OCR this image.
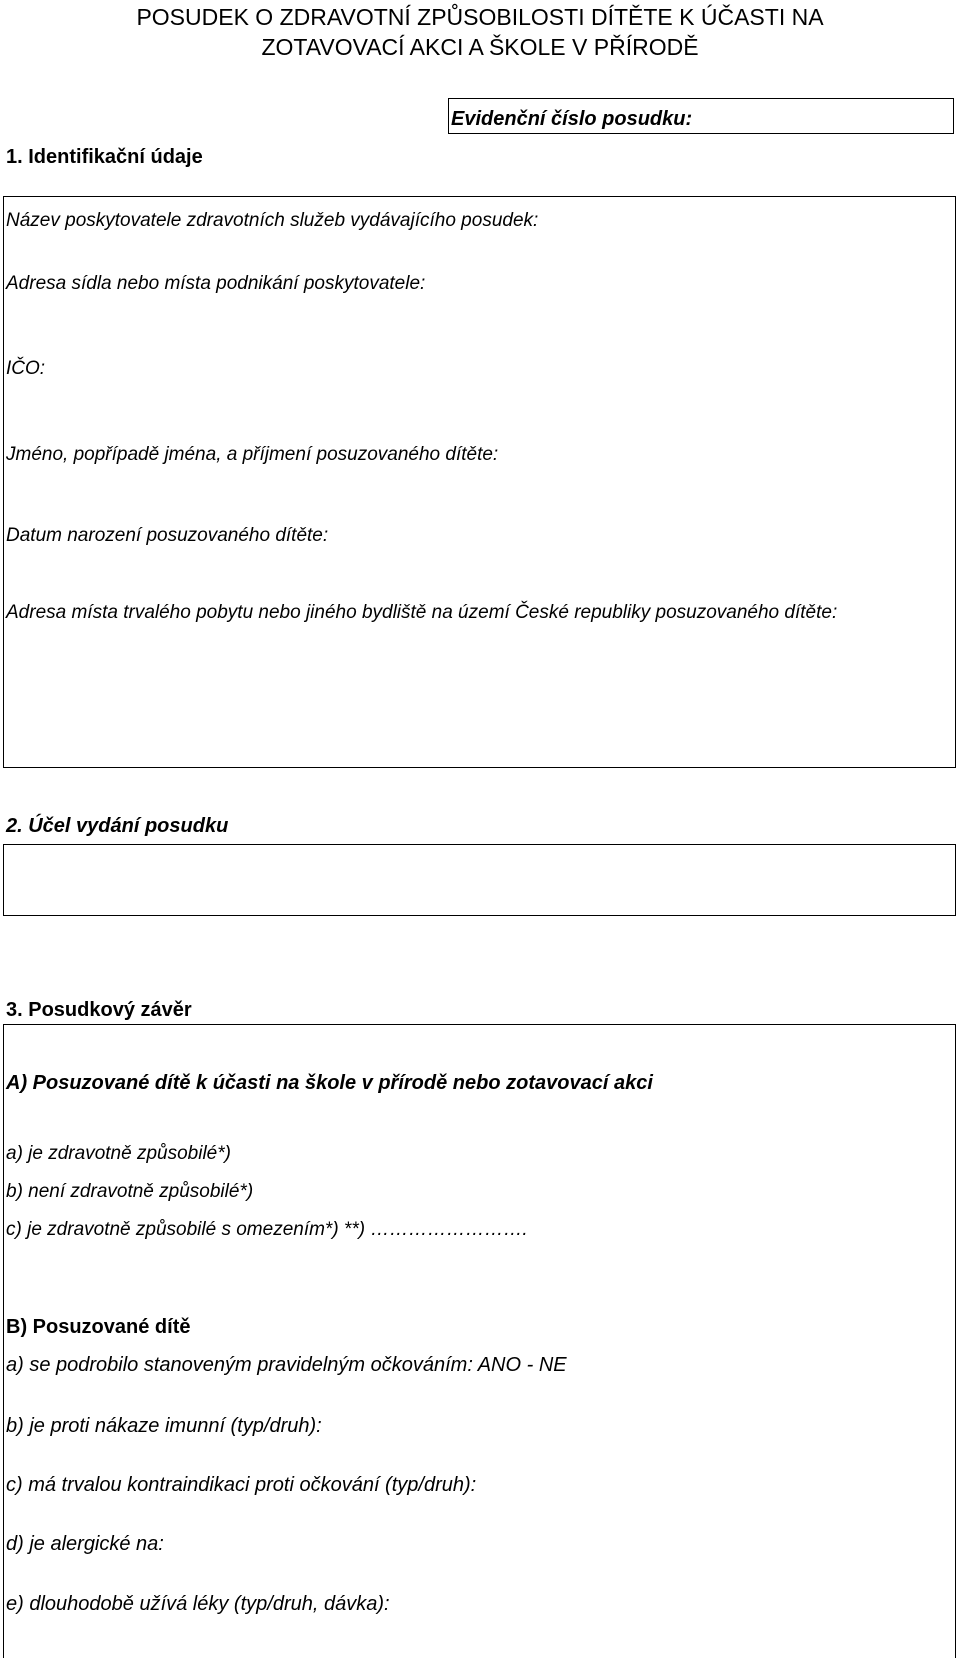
POSUDEK O ZDRAVOTNÍ ZPŮSOBILOSTI DÍTĚTE K ÚČASTI NA
ZOTAVOVACÍ AKCI A ŠKOLE V PŘÍRODĚ
Evidenční číslo posudku:
1. Identifikační údaje
Název poskytovatele zdravotních služeb vydávajícího posudek:
Adresa sídla nebo místa podnikání poskytovatele:
IČO:
Jméno, popřípadě jména, a příjmení posuzovaného dítěte:
Datum narození posuzovaného dítěte:
Adresa místa trvalého pobytu nebo jiného bydliště na území České republiky posuzovaného dítěte:
2. Účel vydání posudku
3. Posudkový závěr
A) Posuzované dítě k účasti na škole v přírodě nebo zotavovací akci
a) je zdravotně způsobilé*)
b) není zdravotně způsobilé*)
c) je zdravotně způsobilé s omezením*) **) …………………….
B) Posuzované dítě
a) se podrobilo stanoveným pravidelným očkováním: ANO - NE
b) je proti nákaze imunní (typ/druh):
c) má trvalou kontraindikaci proti očkování (typ/druh):
d) je alergické na:
e) dlouhodobě užívá léky (typ/druh, dávka):
